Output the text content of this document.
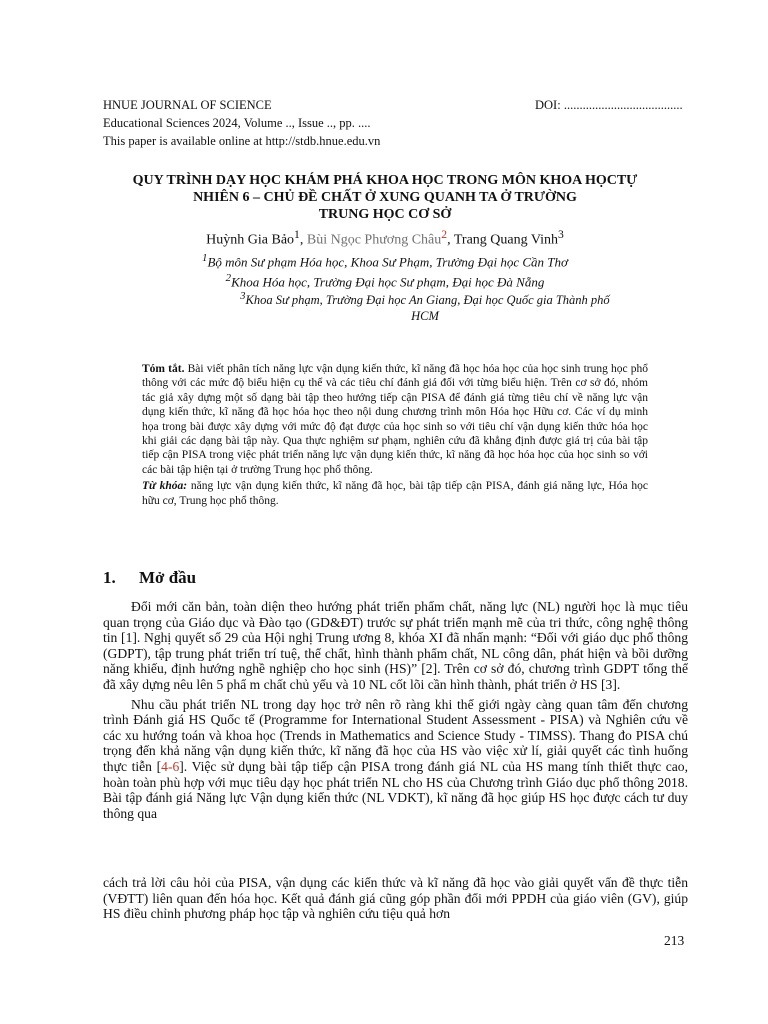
HNUE JOURNAL OF SCIENCE	DOI: ......................................
Educational Sciences 2024, Volume .., Issue .., pp. ....
This paper is available online at http://stdb.hnue.edu.vn
QUY TRÌNH DẠY HỌC KHÁM PHÁ KHOA HỌC TRONG MÔN KHOA HỌCTỰ
NHIÊN 6 – CHỦ ĐỀ CHẤT Ở XUNG QUANH TA Ở TRƯỜNG
TRUNG HỌC CƠ SỞ
Huỳnh Gia Bảo$^1$, Bùi Ngọc Phương Châu$^2$, Trang Quang Vinh$^3$
$^1$Bộ môn Sư phạm Hóa học, Khoa Sư Phạm, Trường Đại học Cần Thơ
$^2$Khoa Hóa học, Trường Đại học Sư phạm, Đại học Đà Nẵng
$^3$Khoa Sư phạm, Trường Đại học An Giang, Đại học Quốc gia Thành phố
HCM

Tóm tắt. Bài viết phân tích năng lực vận dụng kiến thức, kĩ năng đã học hóa học của học sinh trung học phổ thông với các mức độ biểu hiện cụ thể và các tiêu chí đánh giá đối với từng biểu hiện. Trên cơ sở đó, nhóm tác giả xây dựng một số dạng bài tập theo hướng tiếp cận PISA để đánh giá từng tiêu chí về năng lực vận dụng kiến thức, kĩ năng đã học hóa học theo nội dung chương trình môn Hóa học Hữu cơ. Các ví dụ minh họa trong bài được xây dựng với mức độ đạt được của học sinh so với tiêu chí vận dụng kiến thức hóa học khi giải các dạng bài tập này. Qua thực nghiệm sư phạm, nghiên cứu đã khẳng định được giá trị của bài tập tiếp cận PISA trong việc phát triển năng lực vận dụng kiến thức, kĩ năng đã học hóa học của học sinh so với các bài tập hiện tại ở trường Trung học phổ thông.

Từ khóa: năng lực vận dụng kiến thức, kĩ năng đã học, bài tập tiếp cận PISA, đánh giá năng lực, Hóa học hữu cơ, Trung học phổ thông.

1. Mở đầu

Đổi mới căn bản, toàn diện theo hướng phát triển phẩm chất, năng lực (NL) người học là mục tiêu quan trọng của Giáo dục và Đào tạo (GD&ĐT) trước sự phát triển mạnh mẽ của tri thức, công nghệ thông tin [1]. Nghị quyết số 29 của Hội nghị Trung ương 8, khóa XI đã nhấn mạnh: “Đối với giáo dục phổ thông (GDPT), tập trung phát triển trí tuệ, thể chất, hình thành phẩm chất, NL công dân, phát hiện và bồi dưỡng năng khiếu, định hướng nghề nghiệp cho học sinh (HS)” [2]. Trên cơ sở đó, chương trình GDPT tổng thể đã xây dựng nêu lên 5 phẩ m chất chủ yếu và 10 NL cốt lõi cần hình thành, phát triển ở HS [3].

Nhu cầu phát triển NL trong dạy học trở nên rõ ràng khi thế giới ngày càng quan tâm đến chương trình Đánh giá HS Quốc tế (Programme for International Student Assessment - PISA) và Nghiên cứu về các xu hướng toán và khoa học (Trends in Mathematics and Science Study - TIMSS). Thang đo PISA chú trọng đến khả năng vận dụng kiến thức, kĩ năng đã học của HS vào việc xử lí, giải quyết các tình huống thực tiễn [4-6]. Việc sử dụng bài tập tiếp cận PISA trong đánh giá NL của HS mang tính thiết thực cao, hoàn toàn phù hợp với mục tiêu dạy học phát triển NL cho HS của Chương trình Giáo dục phổ thông 2018. Bài tập đánh giá Năng lực Vận dụng kiến thức (NL VDKT), kĩ năng đã học giúp HS học được cách tư duy thông qua

cách trả lời câu hỏi của PISA, vận dụng các kiến thức và kĩ năng đã học vào giải quyết vấn đề thực tiễn (VĐTT) liên quan đến hóa học. Kết quả đánh giá cũng góp phần đổi mới PPDH của giáo viên (GV), giúp HS điều chỉnh phương pháp học tập và nghiên cứu tiệu quả hơn

213
